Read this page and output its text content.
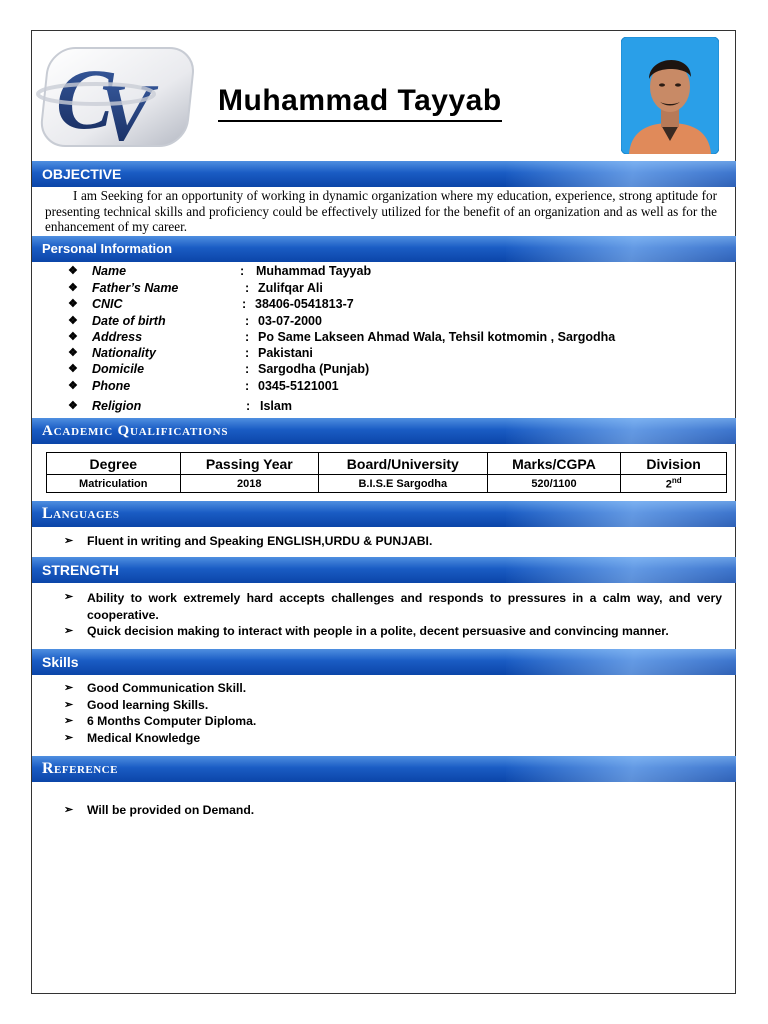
C
V Muhammad Tayyab
OBJECTIVE
I am Seeking for an opportunity of working in dynamic organization where my education, experience, strong aptitude for presenting technical skills and proficiency could be effectively utilized for the benefit of an organization and as well as for the enhancement of my career.
Personal Information
❖	Name	: Muhammad Tayyab
❖	Father’s Name	: Zulifqar Ali
❖	CNIC	: 38406-0541813-7
❖	Date of birth	: 03-07-2000
❖	Address	: Po Same Lakseen Ahmad Wala, Tehsil kotmomin , Sargodha
❖	Nationality	: Pakistani
❖	Domicile	: Sargodha (Punjab)
❖	Phone	: 0345-5121001
❖	Religion	: Islam
Academic Qualifications
Degree	Passing Year	Board/University	Marks/CGPA	Division
Matriculation	2018	B.I.S.E Sargodha	520/1100	2nd
Languages
➢ Fluent in writing and Speaking ENGLISH,URDU & PUNJABI.
STRENGTH
➢ Ability to work extremely hard accepts challenges and responds to pressures in a calm way, and very cooperative.
➢ Quick decision making to interact with people in a polite, decent persuasive and convincing manner.
Skills
➢ Good Communication Skill.
➢ Good learning Skills.
➢ 6 Months Computer Diploma.
➢ Medical Knowledge
Reference
➢ Will be provided on Demand.
